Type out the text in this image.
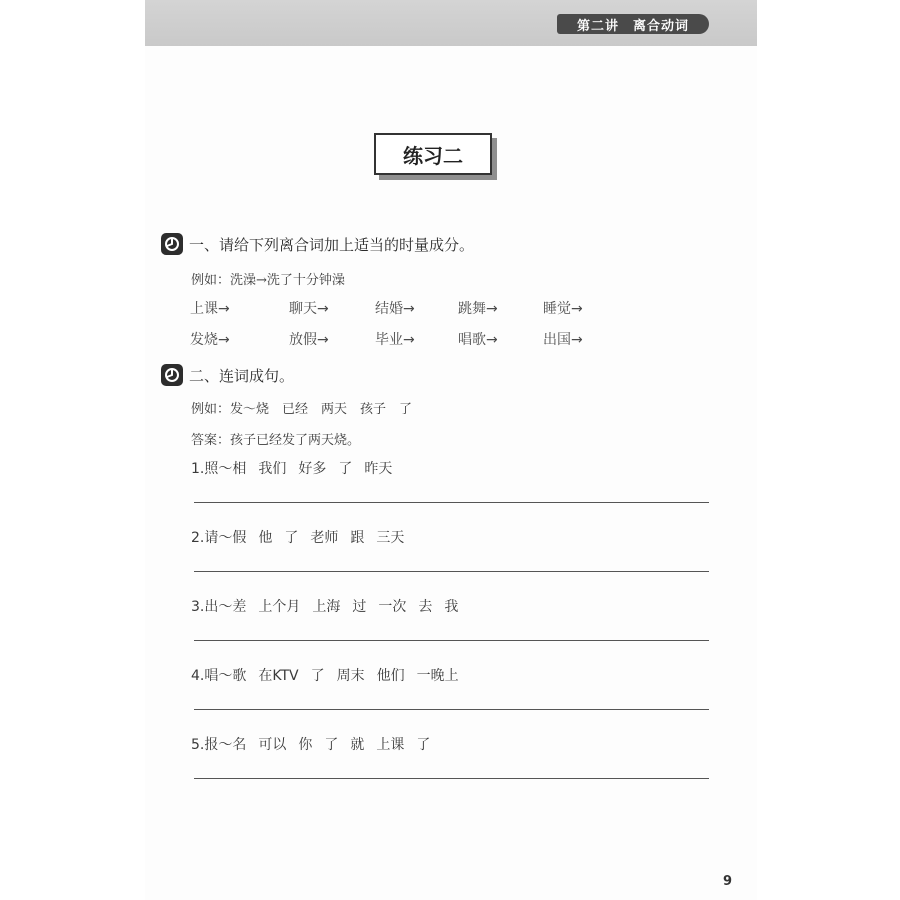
第二讲　离合动词
练习二
一、请给下列离合词加上适当的时量成分。
例如：洗澡→洗了十分钟澡
上课→	聊天→	结婚→	跳舞→	睡觉→
发烧→	放假→	毕业→	唱歌→	出国→
二、连词成句。
例如：发～烧　已经　两天　孩子　了
答案：孩子已经发了两天烧。
1.照～相 我们 好多 了 昨天
2.请～假 他 了 老师 跟 三天
3.出～差 上个月 上海 过 一次 去 我
4.唱～歌 在KTV 了 周末 他们 一晚上
5.报～名 可以 你 了 就 上课 了
9
